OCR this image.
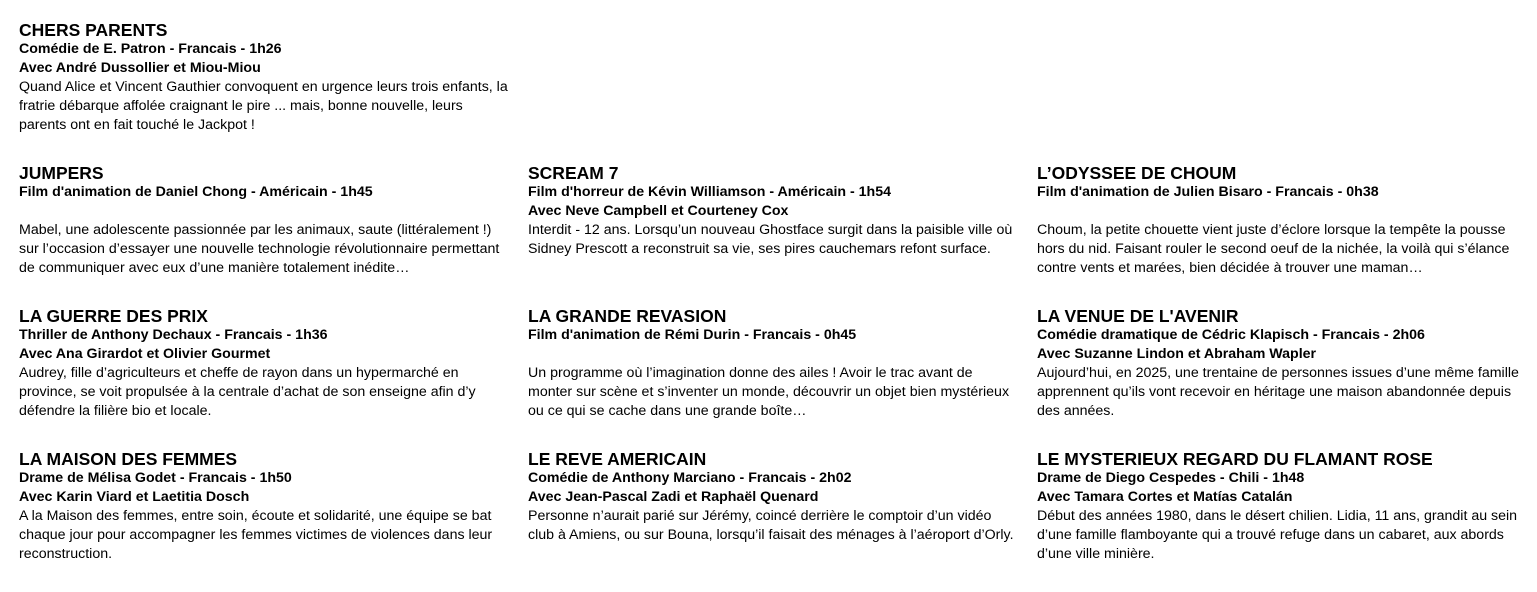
CHERS PARENTS
Comédie de E. Patron - Francais - 1h26
Avec André Dussollier et Miou-Miou
Quand Alice et Vincent Gauthier convoquent en urgence leurs trois enfants, la fratrie débarque affolée craignant le pire ... mais, bonne nouvelle, leurs parents ont en fait touché le Jackpot !
JUMPERS
Film d'animation de Daniel Chong - Américain - 1h45
Mabel, une adolescente passionnée par les animaux, saute (littéralement !) sur l’occasion d’essayer une nouvelle technologie révolutionnaire permettant de communiquer avec eux d’une manière totalement inédite…
SCREAM 7
Film d'horreur de Kévin Williamson - Américain - 1h54
Avec Neve Campbell et Courteney Cox
Interdit - 12 ans. Lorsqu’un nouveau Ghostface surgit dans la paisible ville où Sidney Prescott a reconstruit sa vie, ses pires cauchemars refont surface.
L’ODYSSEE DE CHOUM
Film d'animation de Julien Bisaro - Francais - 0h38
Choum, la petite chouette vient juste d’éclore lorsque la tempête la pousse hors du nid. Faisant rouler le second oeuf de la nichée, la voilà qui s’élance contre vents et marées, bien décidée à trouver une maman…
LA GUERRE DES PRIX
Thriller de Anthony Dechaux - Francais - 1h36
Avec Ana Girardot et Olivier Gourmet
Audrey, fille d’agriculteurs et cheffe de rayon dans un hypermarché en province, se voit propulsée à la centrale d’achat de son enseigne afin d’y défendre la filière bio et locale.
LA GRANDE REVASION
Film d'animation de Rémi Durin - Francais - 0h45
Un programme où l’imagination donne des ailes ! Avoir le trac avant de monter sur scène et s’inventer un monde, découvrir un objet bien mystérieux ou ce qui se cache dans une grande boîte…
LA VENUE DE L'AVENIR
Comédie dramatique de Cédric Klapisch - Francais - 2h06
Avec Suzanne Lindon et Abraham Wapler
Aujourd’hui, en 2025, une trentaine de personnes issues d’une même famille apprennent qu’ils vont recevoir en héritage une maison abandonnée depuis des années.
LA MAISON DES FEMMES
Drame de Mélisa Godet - Francais - 1h50
Avec Karin Viard et Laetitia Dosch
A la Maison des femmes, entre soin, écoute et solidarité, une équipe se bat chaque jour pour accompagner les femmes victimes de violences dans leur reconstruction.
LE REVE AMERICAIN
Comédie de Anthony Marciano - Francais - 2h02
Avec Jean-Pascal Zadi et Raphaël Quenard
Personne n’aurait parié sur Jérémy, coincé derrière le comptoir d’un vidéo club à Amiens, ou sur Bouna, lorsqu’il faisait des ménages à l’aéroport d’Orly.
LE MYSTERIEUX REGARD DU FLAMANT ROSE
Drame de Diego Cespedes - Chili - 1h48
Avec Tamara Cortes et Matías Catalán
Début des années 1980, dans le désert chilien. Lidia, 11 ans, grandit au sein d’une famille flamboyante qui a trouvé refuge dans un cabaret, aux abords d’une ville minière.
